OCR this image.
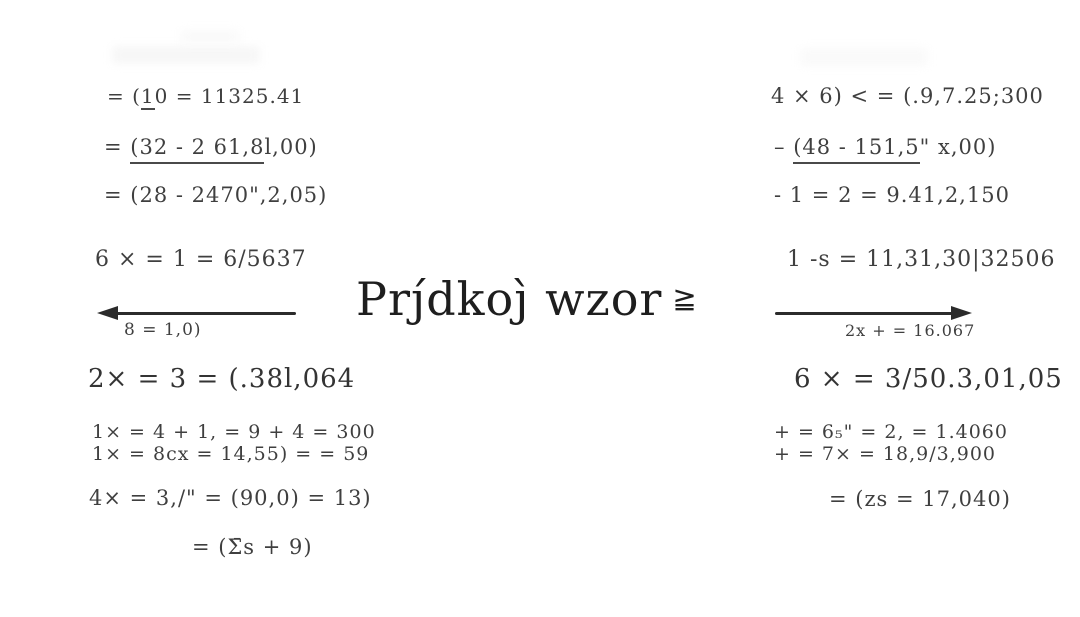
Prȷ́dkoȷ̀ wzor ≧
= (10 = 11325.41
= (32 - 2 61,8l,00)
= (28 - 2470",2,05)
6 × = 1 = 6/5637
8 = 1,0)
2× = 3 = (.38l,064
1× = 4 + 1, = 9 + 4 = 300
1× = 8cx = 14,55) = = 59
4× = 3,/" = (90,0) = 13)
= (Σ̄s + 9)
4 × 6) < = (.9,7.25;300
– (48 - 151,5" x,00)
- 1 = 2 = 9.41,2,150
1 -s = 11,31,30|32506
2x + = 16.067
6 × = 3/50.3,01,05
+ = 6₅" = 2, = 1.4060
+ = 7× = 18,9/3,900
= (zs = 17,040)
